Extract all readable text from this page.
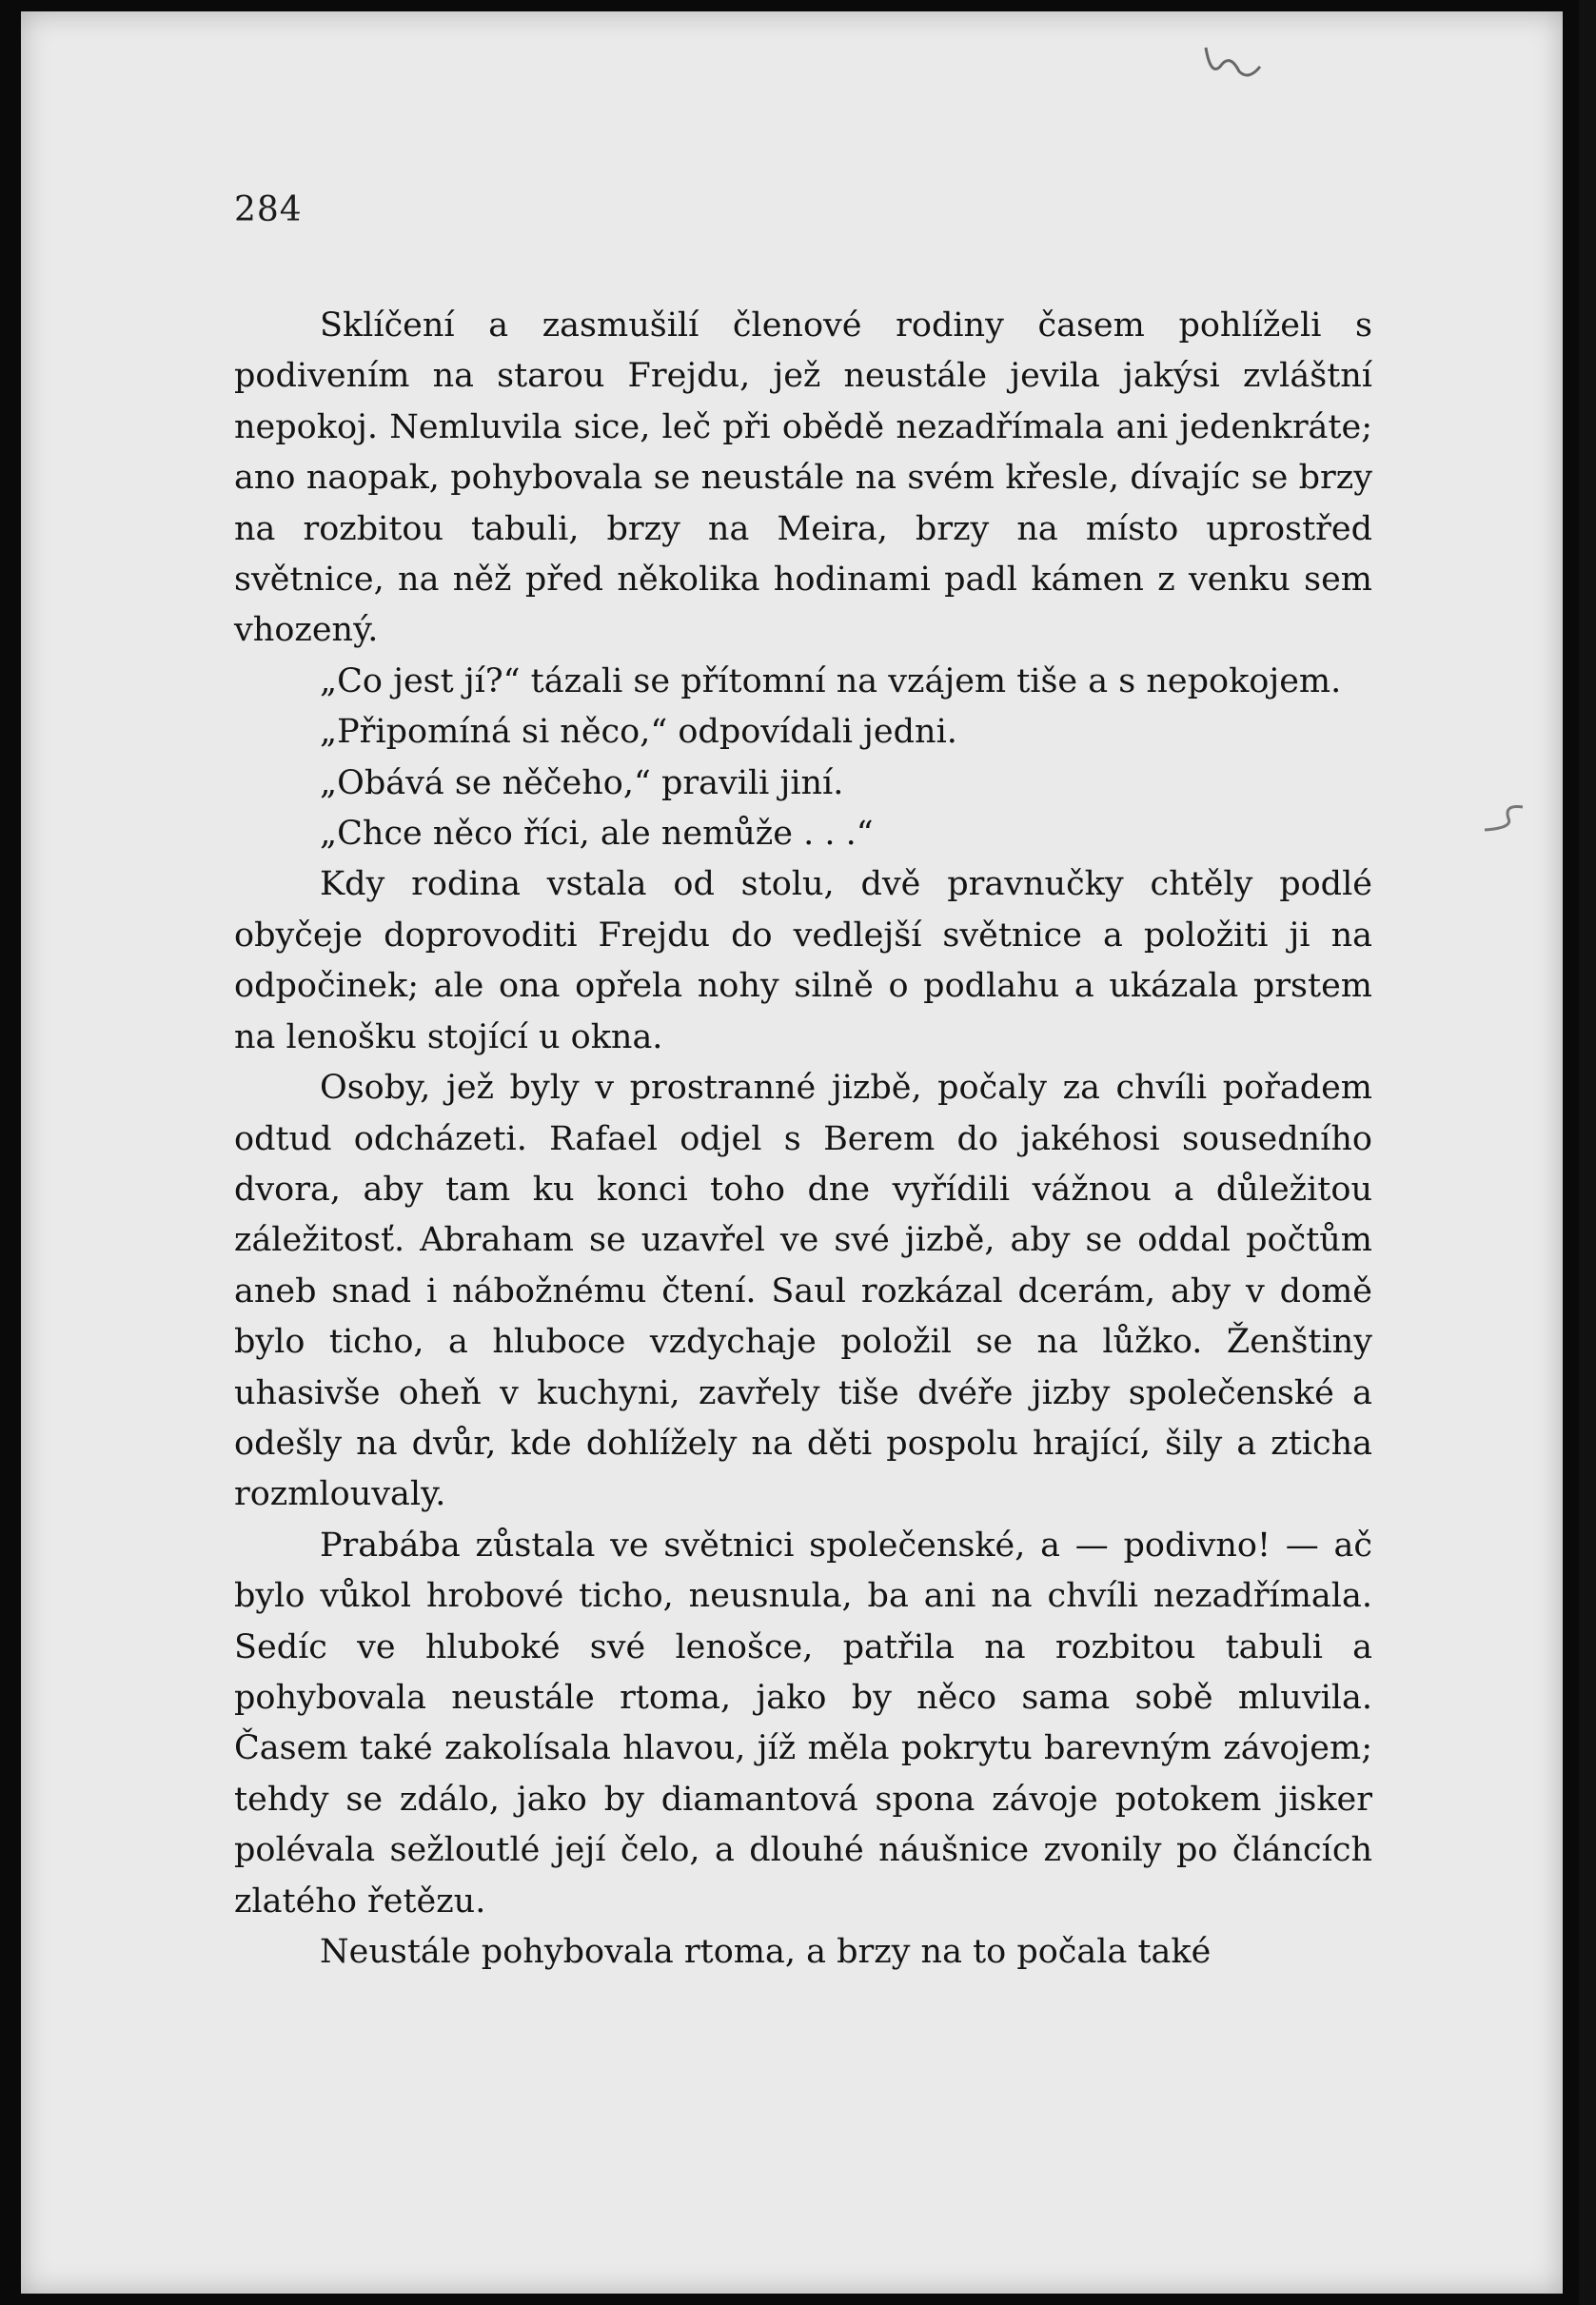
284

Sklíčení a zasmušilí členové rodiny časem pohlíželi s podivením na starou Frejdu, jež neustále jevila jakýsi zvláštní nepokoj. Nemluvila sice, leč při obědě nezadřímala ani jedenkráte; ano naopak, pohybovala se neustále na svém křesle, dívajíc se brzy na rozbitou tabuli, brzy na Meira, brzy na místo uprostřed světnice, na něž před několika hodinami padl kámen z venku sem vhozený.

„Co jest jí?“ tázali se přítomní na vzájem tiše a s nepokojem.

„Připomíná si něco,“ odpovídali jedni.

„Obává se něčeho,“ pravili jiní.

„Chce něco říci, ale nemůže . . .“

Kdy rodina vstala od stolu, dvě pravnučky chtěly podlé obyčeje doprovoditi Frejdu do vedlejší světnice a položiti ji na odpočinek; ale ona opřela nohy silně o podlahu a ukázala prstem na lenošku stojící u okna.

Osoby, jež byly v prostranné jizbě, počaly za chvíli pořadem odtud odcházeti. Rafael odjel s Berem do jakéhosi sousedního dvora, aby tam ku konci toho dne vyřídili vážnou a důležitou záležitosť. Abraham se uzavřel ve své jizbě, aby se oddal počtům aneb snad i nábožnému čtení. Saul rozkázal dcerám, aby v domě bylo ticho, a hluboce vzdychaje položil se na lůžko. Ženštiny uhasivše oheň v kuchyni, zavřely tiše dvéře jizby společenské a odešly na dvůr, kde dohlížely na děti pospolu hrající, šily a zticha rozmlouvaly.

Prabába zůstala ve světnici společenské, a — podivno! — ač bylo vůkol hrobové ticho, neusnula, ba ani na chvíli nezadřímala. Sedíc ve hluboké své lenošce, patřila na rozbitou tabuli a pohybovala neustále rtoma, jako by něco sama sobě mluvila. Časem také zakolísala hlavou, jíž měla pokrytu barevným závojem; tehdy se zdálo, jako by diamantová spona závoje potokem jisker polévala sežloutlé její čelo, a dlouhé náušnice zvonily po článcích zlatého řetězu.

Neustále pohybovala rtoma, a brzy na to počala také
